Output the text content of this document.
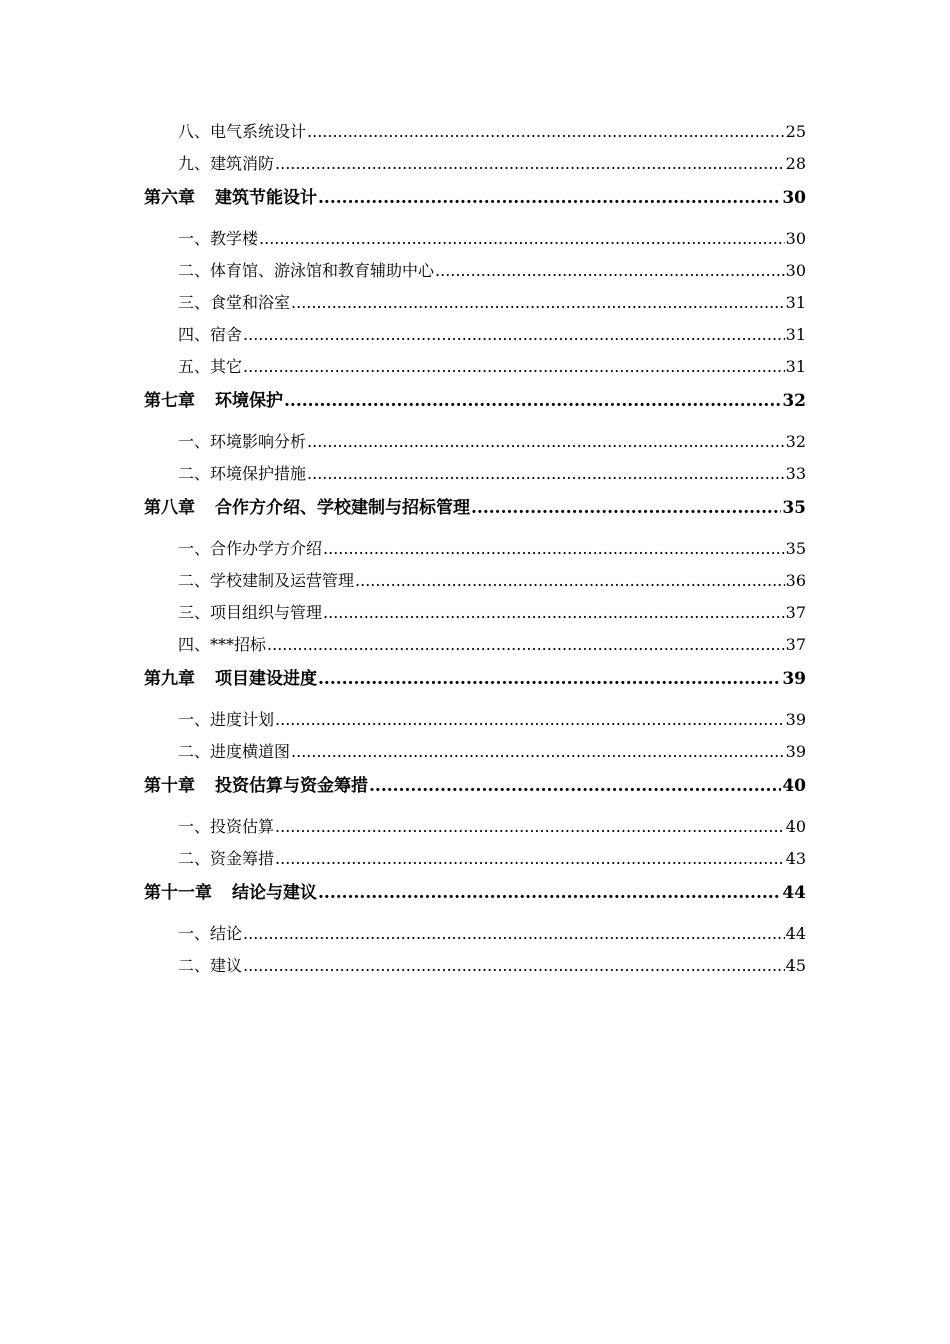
八、电气系统设计 .....	25
九、建筑消防 .....	28
第六章 建筑节能设计 .....	30
一、教学楼 .....	30
二、体育馆、游泳馆和教育辅助中心 .....	30
三、食堂和浴室 .....	31
四、宿舍 .....	31
五、其它 .....	31
第七章 环境保护 .....	32
一、环境影响分析 .....	32
二、环境保护措施 .....	33
第八章 合作方介绍、学校建制与招标管理 .....	35
一、合作办学方介绍 .....	35
二、学校建制及运营管理 .....	36
三、项目组织与管理 .....	37
四、***招标 .....	37
第九章 项目建设进度 .....	39
一、进度计划 .....	39
二、进度横道图 .....	39
第十章 投资估算与资金筹措 .....	40
一、投资估算 .....	40
二、资金筹措 .....	43
第十一章 结论与建议 .....	44
一、结论 .....	44
二、建议 .....	45
